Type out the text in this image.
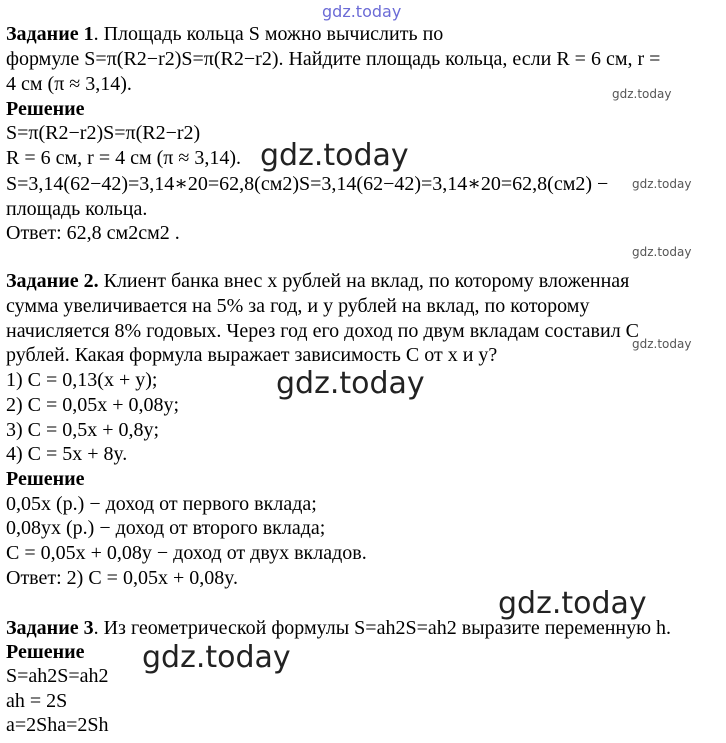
gdz.today
gdz.today
gdz.today
gdz.today
gdz.today
gdz.today
gdz.today
gdz.today
gdz.today
Задание 1. Площадь кольца S можно вычислить по
формуле S=π(R2−r2)S=π(R2−r2). Найдите площадь кольца, если R = 6 см, r =
4 см (π ≈ 3,14).
Решение
S=π(R2−r2)S=π(R2−r2)
R = 6 см, r = 4 см (π ≈ 3,14).
S=3,14(62−42)=3,14∗20=62,8(см2)S=3,14(62−42)=3,14∗20=62,8(см2) −
площадь кольца.
Ответ: 62,8 см2см2 .
Задание 2. Клиент банка внес x рублей на вклад, по которому вложенная
сумма увеличивается на 5% за год, и y рублей на вклад, по которому
начисляется 8% годовых. Через год его доход по двум вкладам составил С
рублей. Какая формула выражает зависимость С от x и y?
1) С = 0,13(x + y);
2) С = 0,05x + 0,08y;
3) С = 0,5x + 0,8y;
4) С = 5x + 8y.
Решение
0,05x (р.) − доход от первого вклада;
0,08yx (р.) − доход от второго вклада;
С = 0,05x + 0,08y − доход от двух вкладов.
Ответ: 2) С = 0,05x + 0,08y.
Задание 3. Из геометрической формулы S=ah2S=ah2 выразите переменную h.
Решение
S=ah2S=ah2
ah = 2S
a=2Sha=2Sh
